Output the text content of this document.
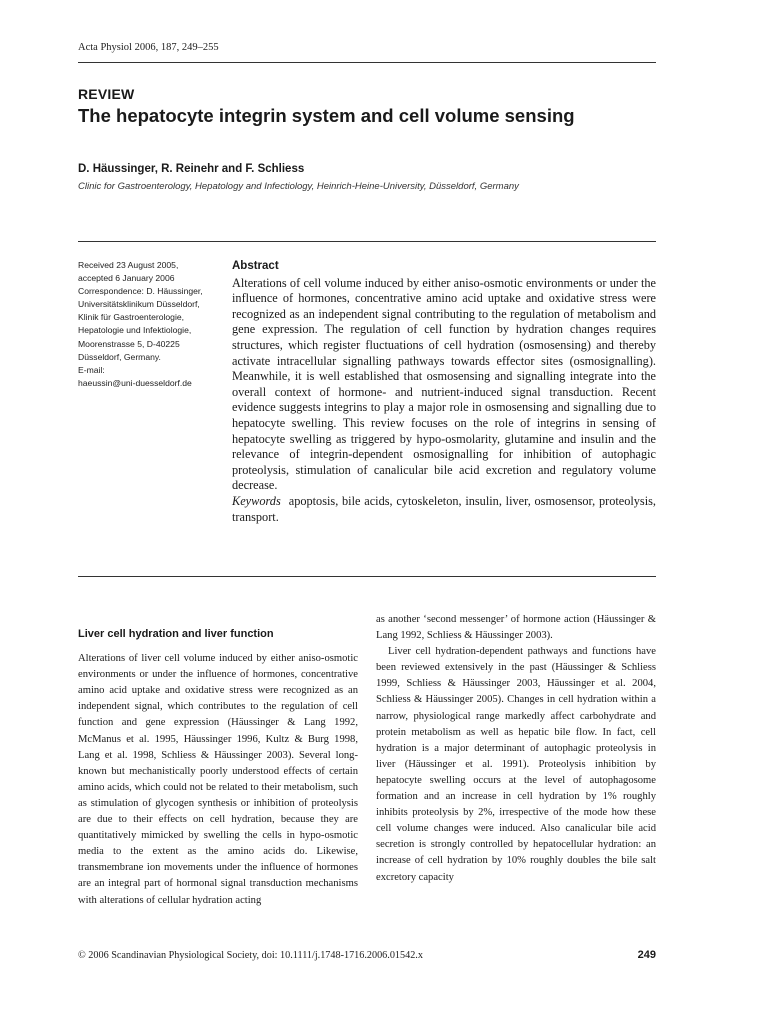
Acta Physiol 2006, 187, 249–255
REVIEW
The hepatocyte integrin system and cell volume sensing
D. Häussinger, R. Reinehr and F. Schliess
Clinic for Gastroenterology, Hepatology and Infectiology, Heinrich-Heine-University, Düsseldorf, Germany
Received 23 August 2005,
accepted 6 January 2006
Correspondence: D. Häussinger,
Universitätsklinikum Düsseldorf,
Klinik für Gastroenterologie,
Hepatologie und Infektiologie,
Moorenstrasse 5, D-40225
Düsseldorf, Germany.
E-mail:
haeussin@uni-duesseldorf.de
Abstract

Alterations of cell volume induced by either aniso-osmotic environments or under the influence of hormones, concentrative amino acid uptake and oxidative stress were recognized as an independent signal contributing to the regulation of metabolism and gene expression. The regulation of cell function by hydration changes requires structures, which register fluctuations of cell hydration (osmosensing) and thereby activate intracellular signalling pathways towards effector sites (osmosignalling). Meanwhile, it is well established that osmosensing and signalling integrate into the overall context of hormone- and nutrient-induced signal transduction. Recent evidence suggests integrins to play a major role in osmosensing and signalling due to hepatocyte swelling. This review focuses on the role of integrins in sensing of hepatocyte swelling as triggered by hypo-osmolarity, glutamine and insulin and the relevance of integrin-dependent osmosignalling for inhibition of autophagic proteolysis, stimulation of canalicular bile acid excretion and regulatory volume decrease.

Keywords apoptosis, bile acids, cytoskeleton, insulin, liver, osmosensor, proteolysis, transport.

Liver cell hydration and liver function

Alterations of liver cell volume induced by either aniso-osmotic environments or under the influence of hormones, concentrative amino acid uptake and oxidative stress were recognized as an independent signal, which contributes to the regulation of cell function and gene expression (Häussinger & Lang 1992, McManus et al. 1995, Häussinger 1996, Kultz & Burg 1998, Lang et al. 1998, Schliess & Häussinger 2003). Several long-known but mechanistically poorly understood effects of certain amino acids, which could not be related to their metabolism, such as stimulation of glycogen synthesis or inhibition of proteolysis are due to their effects on cell hydration, because they are quantitatively mimicked by swelling the cells in hypo-osmotic media to the extent as the amino acids do. Likewise, transmembrane ion movements under the influence of hormones are an integral part of hormonal signal transduction mechanisms with alterations of cellular hydration acting

as another ‘second messenger’ of hormone action (Häussinger & Lang 1992, Schliess & Häussinger 2003).

Liver cell hydration-dependent pathways and functions have been reviewed extensively in the past (Häussinger & Schliess 1999, Schliess & Häussinger 2003, Häussinger et al. 2004, Schliess & Häussinger 2005). Changes in cell hydration within a narrow, physiological range markedly affect carbohydrate and protein metabolism as well as hepatic bile flow. In fact, cell hydration is a major determinant of autophagic proteolysis in liver (Häussinger et al. 1991). Proteolysis inhibition by hepatocyte swelling occurs at the level of autophagosome formation and an increase in cell hydration by 1% roughly inhibits proteolysis by 2%, irrespective of the mode how these cell volume changes were induced. Also canalicular bile acid secretion is strongly controlled by hepatocellular hydration: an increase of cell hydration by 10% roughly doubles the bile salt excretory capacity

© 2006 Scandinavian Physiological Society, doi: 10.1111/j.1748-1716.2006.01542.x	249
